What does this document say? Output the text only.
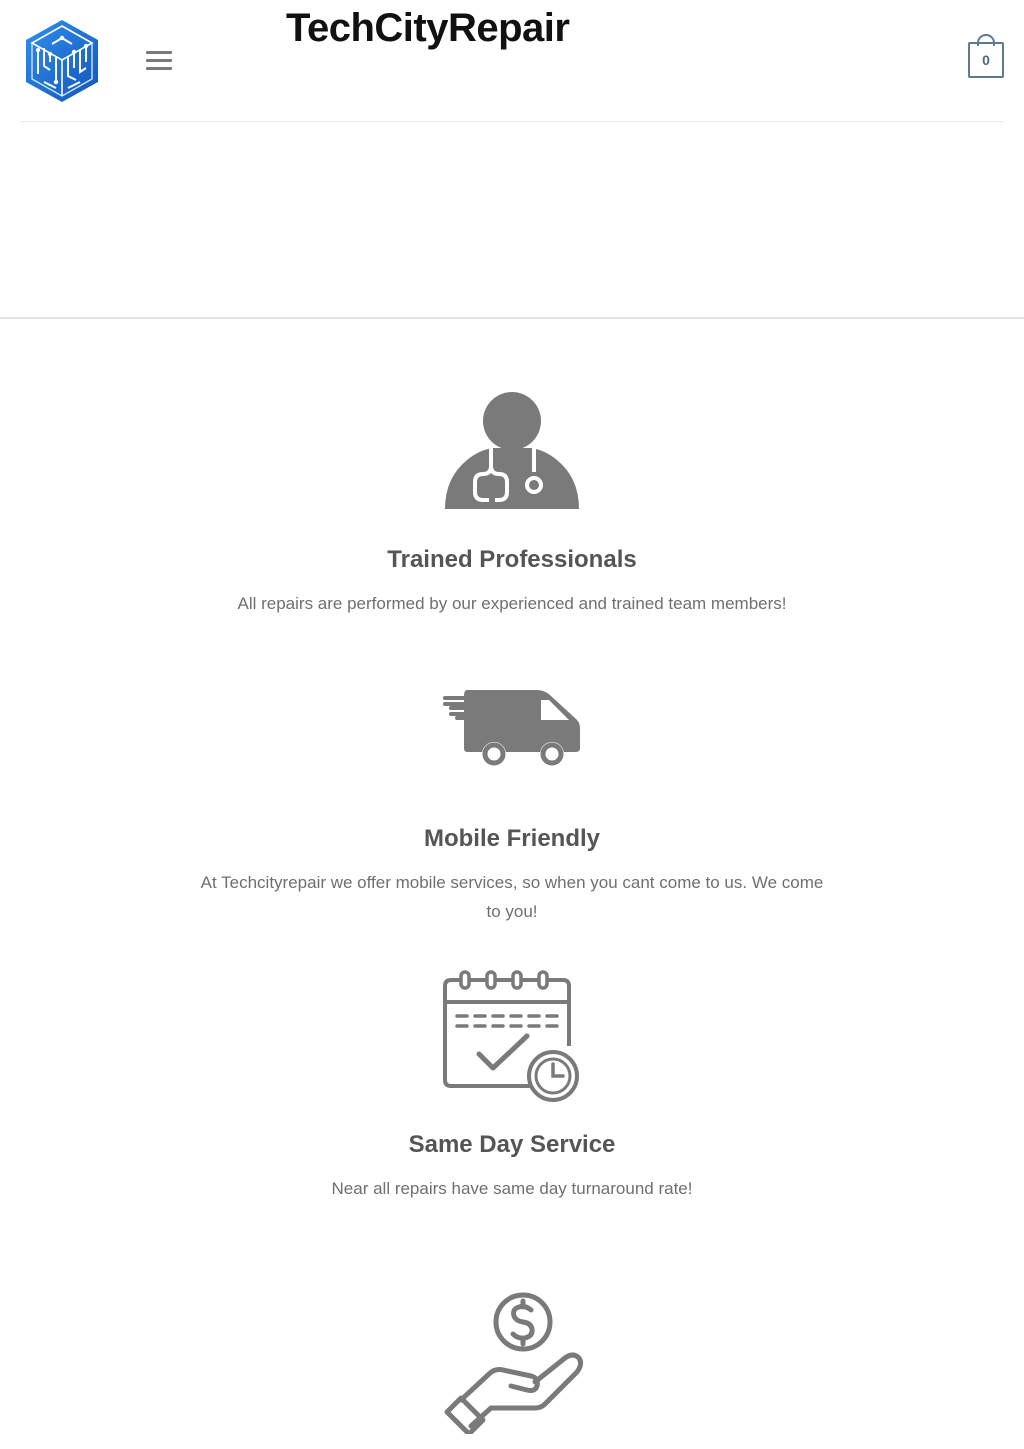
TechCityRepair
0
Trained Professionals

All repairs are performed by our experienced and trained team members!

Mobile Friendly

At Techcityrepair we offer mobile services, so when you cant come to us. We come to you!

Same Day Service

Near all repairs have same day turnaround rate!
